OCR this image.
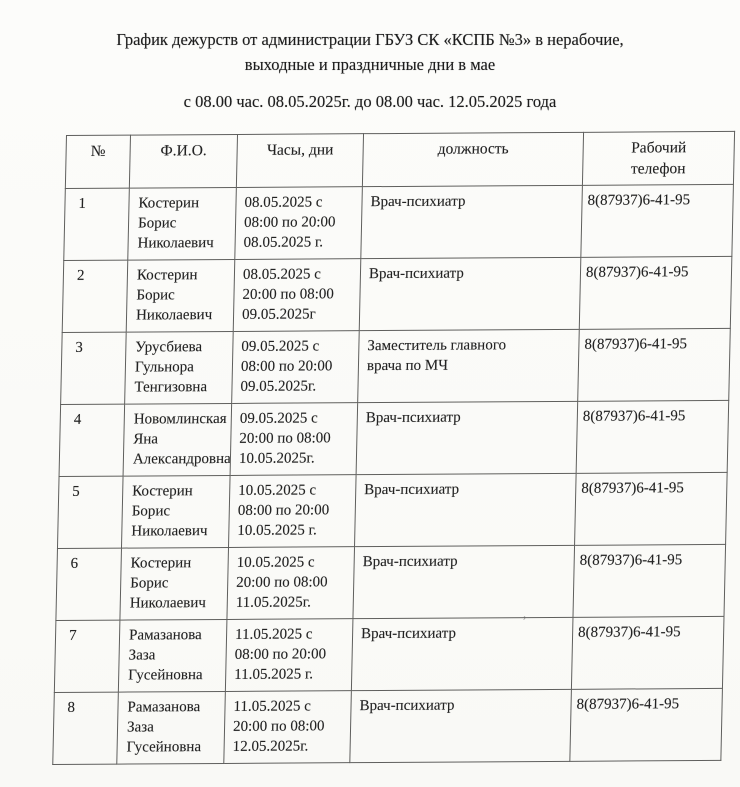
График дежурств от администрации ГБУЗ СК «КСПБ №3» в нерабочие,
выходные и праздничные дни в мае
с 08.00 час. 08.05.2025г. до 08.00 час. 12.05.2025 года
№	Ф.И.О.	Часы, дни	должность	Рабочий
телефон
1	Костерин
Борис
Николаевич	08.05.2025 с
08:00 по 20:00
08.05.2025 г.	Врач-психиатр	8(87937)6-41-95
2	Костерин
Борис
Николаевич	08.05.2025 с
20:00 по 08:00
09.05.2025г	Врач-психиатр	8(87937)6-41-95
3	Урусбиева
Гульнора
Тенгизовна	09.05.2025 с
08:00 по 20:00
09.05.2025г.	Заместитель главного
врача по МЧ	8(87937)6-41-95
4	Новомлинская
Яна
Александровна	09.05.2025 с
20:00 по 08:00
10.05.2025г.	Врач-психиатр	8(87937)6-41-95
5	Костерин
Борис
Николаевич	10.05.2025 с
08:00 по 20:00
10.05.2025 г.	Врач-психиатр	8(87937)6-41-95
6	Костерин
Борис
Николаевич	10.05.2025 с
20:00 по 08:00
11.05.2025г.	Врач-психиатр	8(87937)6-41-95
7	Рамазанова
Заза
Гусейновна	11.05.2025 с
08:00 по 20:00
11.05.2025 г.	Врач-психиатр	8(87937)6-41-95
8	Рамазанова
Заза
Гусейновна	11.05.2025 с
20:00 по 08:00
12.05.2025г.	Врач-психиатр	8(87937)6-41-95
,
